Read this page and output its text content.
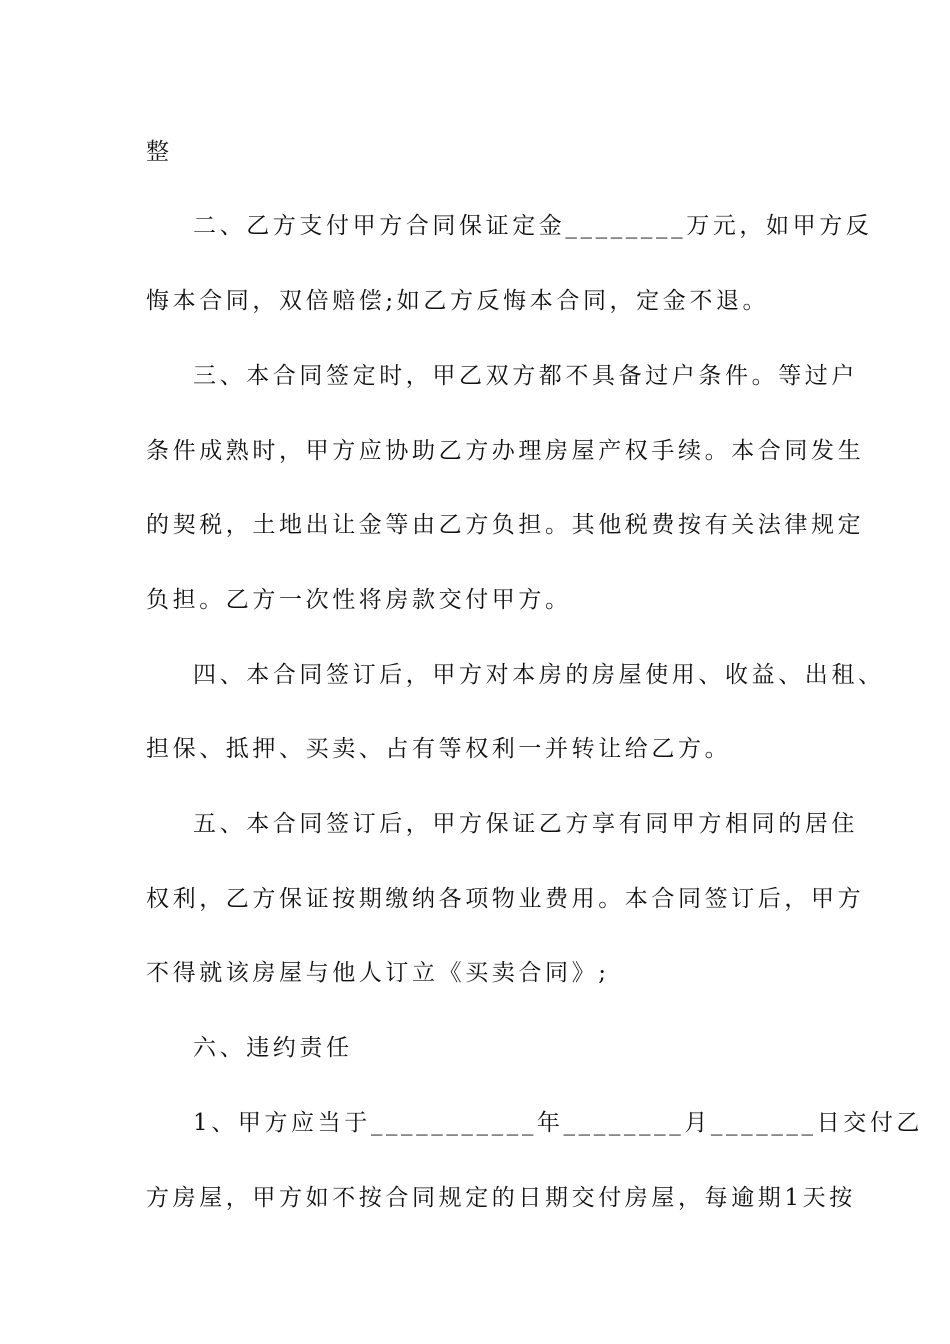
整
二、乙方支付甲方合同保证定金________万元，如甲方反
悔本合同，双倍赔偿;如乙方反悔本合同，定金不退。
三、本合同签定时，甲乙双方都不具备过户条件。等过户
条件成熟时，甲方应协助乙方办理房屋产权手续。本合同发生
的契税，土地出让金等由乙方负担。其他税费按有关法律规定
负担。乙方一次性将房款交付甲方。
四、本合同签订后，甲方对本房的房屋使用、收益、出租、
担保、抵押、买卖、占有等权利一并转让给乙方。
五、本合同签订后，甲方保证乙方享有同甲方相同的居住
权利，乙方保证按期缴纳各项物业费用。本合同签订后，甲方
不得就该房屋与他人订立《买卖合同》;
六、违约责任
1、甲方应当于___________年________月_______日交付乙
方房屋，甲方如不按合同规定的日期交付房屋，每逾期1天按
